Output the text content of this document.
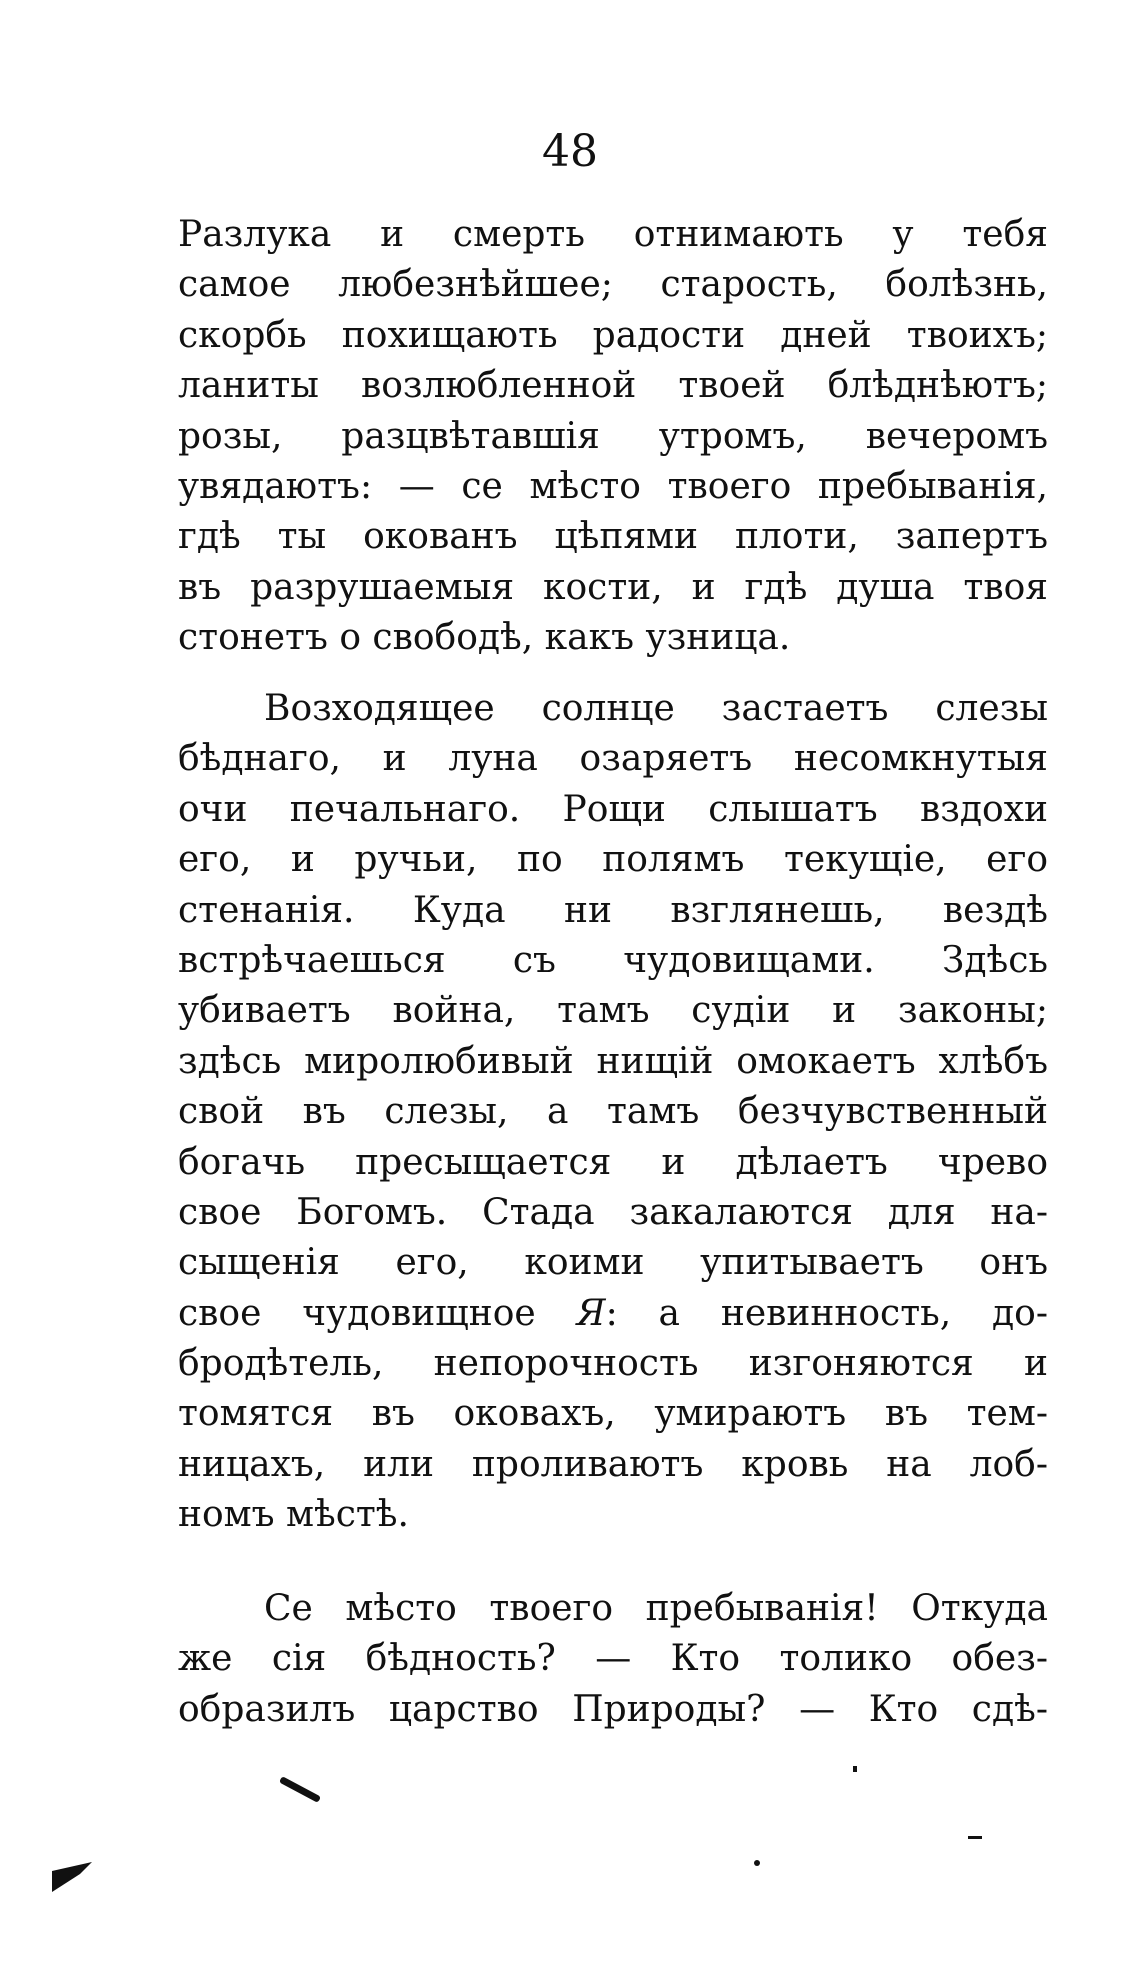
48
Разлука и смерть отнимають у тебя
самое любезнѣйшее; старость, болѣзнь,
скорбь похищають радости дней твоихъ;
ланиты возлюбленной твоей блѣднѣютъ;
розы, разцвѣтавшія утромъ, вечеромъ
увядаютъ: — се мѣсто твоего пребыванія,
гдѣ ты окованъ цѣпями плоти, запертъ
въ разрушаемыя кости, и гдѣ душа твоя
стонетъ о свободѣ, какъ узница.
Возходящее солнце застаетъ слезы
бѣднаго, и луна озаряетъ несомкнутыя
очи печальнаго. Рощи слышатъ вздохи
его, и ручьи, по полямъ текущіе, его
стенанія. Куда ни взглянешь, вездѣ
встрѣчаешься съ чудовищами. Здѣсь
убиваетъ война, тамъ судіи и законы;
здѣсь миролюбивый нищій омокаетъ хлѣбъ
свой въ слезы, а тамъ безчувственный
богачь пресыщается и дѣлаетъ чрево
свое Богомъ. Стада закалаются для на-
сыщенія его, коими упитываетъ онъ
свое чудовищное Я: а невинность, до-
бродѣтель, непорочность изгоняются и
томятся въ оковахъ, умираютъ въ тем-
ницахъ, или проливаютъ кровь на лоб-
номъ мѣстѣ.
Се мѣсто твоего пребыванія! Откуда
же сія бѣдность? — Кто толико обез-
образилъ царство Природы? — Кто сдѣ-
